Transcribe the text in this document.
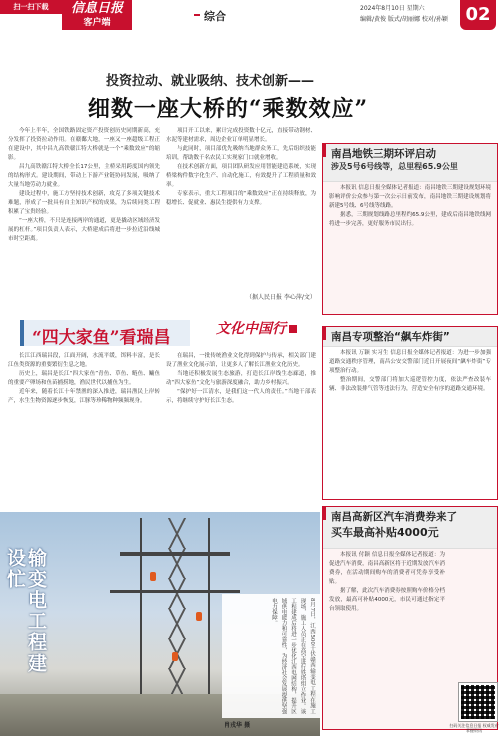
扫一扫下载	信息日报
客户端	综合
2024年8月10日 星期六
编辑/黄俊 版式/胡丽娜 校对/孙颖 02
投资拉动、就业吸纳、技术创新——
细数一座大桥的“乘数效应”

今年上半年，全国铁路固定资产投资创历史同期新高，充分发挥了投资拉动作用。在赣鄱大地，一座又一座超级工程正在建设中，其中昌九高铁赣江特大桥就是一个“乘数效应”的缩影。

昌九高铁赣江特大桥全长17公里，主桥采用跨度国内领先的结构形式。建设期间，带动上下游产业链协同发展，吸纳了大量当地劳动力就业。

建设过程中，施工方坚持技术创新，攻克了多项关键技术难题，形成了一批具有自主知识产权的成果，为后续同类工程积累了宝贵经验。

“一座大桥，不只是连接两岸的通道，更是撬动区域经济发展的杠杆。”项目负责人表示，大桥建成后将进一步拉近沿线城市时空距离。

项目开工以来，累计完成投资数十亿元，直接带动钢材、水泥等建材需求，周边企业订单明显增长。

与此同时，项目部优先吸纳当地群众务工，先后组织技能培训，帮助数千名农民工实现家门口就业增收。

在技术创新方面，项目团队研发应用智能建造系统，实现桥梁构件数字化生产、自动化施工，有效提升了工程质量和效率。

专家表示，重大工程项目的“乘数效应”正在持续释放，为稳增长、促就业、惠民生提供有力支撑。

（据人民日报 李心萍/文）
南昌地铁三期环评启动
涉及5号6号线等，总里程65.9公里

本报讯 信息日报全媒体记者报道：南昌地铁三期建设规划环境影响评价公众参与第一次公示日前发布，南昌地铁三期建设规划将新建5号线、6号线等线路。

据悉，三期规划线路总里程约65.9公里，建成后南昌地铁线网将进一步完善，更好服务市民出行。

南昌专项整治“飙车炸街”

本报讯 万颖 实习生 信息日报全媒体记者报道：为进一步加强道路交通秩序管理，南昌公安交警部门近日开展夜间“飙车炸街”专项整治行动。

整治期间，交警部门将加大巡逻管控力度，依法严查改装车辆、非法改装排气管等违法行为，营造安全有序的道路交通环境。

南昌高新区汽车消费券来了
买车最高补贴4000元

本报讯 付颖 信息日报全媒体记者报道：为促进汽车消费，南昌高新区将于近期发放汽车消费券，在活动期间购车的消费者可凭券享受补贴。

据了解，此次汽车消费券按照购车价格分档发放，最高可补贴4000元，市民可通过指定平台领取使用。

扫码关注信息日报 权威发布掌握资讯
“四大家鱼”看瑞昌	文化中国行

长江江西瑞昌段，江面开阔，水流平缓，饵料丰富，是长江鱼类资源的重要繁衍生息之地。

历史上，瑞昌是长江“四大家鱼”青鱼、草鱼、鲢鱼、鳙鱼的重要产卵场和鱼苗捕捞地，渔民世代以捕鱼为生。

近年来，随着长江十年禁渔的深入推进，瑞昌渔民上岸转产，水生生物资源逐步恢复，江豚等珍稀物种频频现身。

在瑞昌，一批传统渔业文化得到保护与传承，相关部门建设了渔业文化展示馆，让更多人了解长江渔业文化历史。

当地还积极发展生态旅游，打造长江岸线生态廊道，推动“四大家鱼”文化与旅游深度融合，助力乡村振兴。

“保护好一江清水，是我们这一代人的责任。”当地干部表示，将继续守护好长江生态。

输变电工程建设忙
8月7日，江西500千伏赣西输变电工程在施工现场，施工人员正在高空进行铁塔组立作业。该工程建成后将进一步优化江西电网结构，提升区域供电能力和可靠性，为经济社会发展提供坚强电力保障。
肖戎华 摄
